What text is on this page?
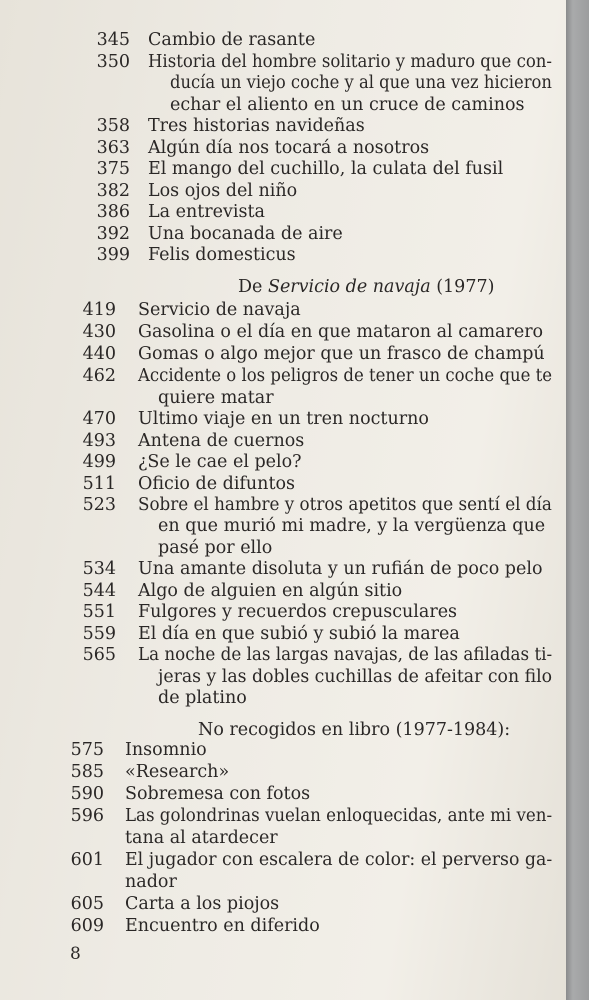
345 Cambio de rasante
350 Historia del hombre solitario y maduro que con-
ducía un viejo coche y al que una vez hicieron
echar el aliento en un cruce de caminos
358 Tres historias navideñas
363 Algún día nos tocará a nosotros
375 El mango del cuchillo, la culata del fusil
382 Los ojos del niño
386 La entrevista
392 Una bocanada de aire
399 Felis domesticus
419 Servicio de navaja
430 Gasolina o el día en que mataron al camarero
440 Gomas o algo mejor que un frasco de champú
462 Accidente o los peligros de tener un coche que te
quiere matar
470 Ultimo viaje en un tren nocturno
493 Antena de cuernos
499 ¿Se le cae el pelo?
511 Oficio de difuntos
523 Sobre el hambre y otros apetitos que sentí el día
en que murió mi madre, y la vergüenza que
pasé por ello
534 Una amante disoluta y un rufián de poco pelo
544 Algo de alguien en algún sitio
551 Fulgores y recuerdos crepusculares
559 El día en que subió y subió la marea
565 La noche de las largas navajas, de las afiladas ti-
jeras y las dobles cuchillas de afeitar con filo
de platino
575 Insomnio
585 «Research»
590 Sobremesa con fotos
596 Las golondrinas vuelan enloquecidas, ante mi ven-
tana al atardecer
601 El jugador con escalera de color: el perverso ga-
nador
605 Carta a los piojos
609 Encuentro en diferido
De Servicio de navaja (1977)
No recogidos en libro (1977-1984):
8
